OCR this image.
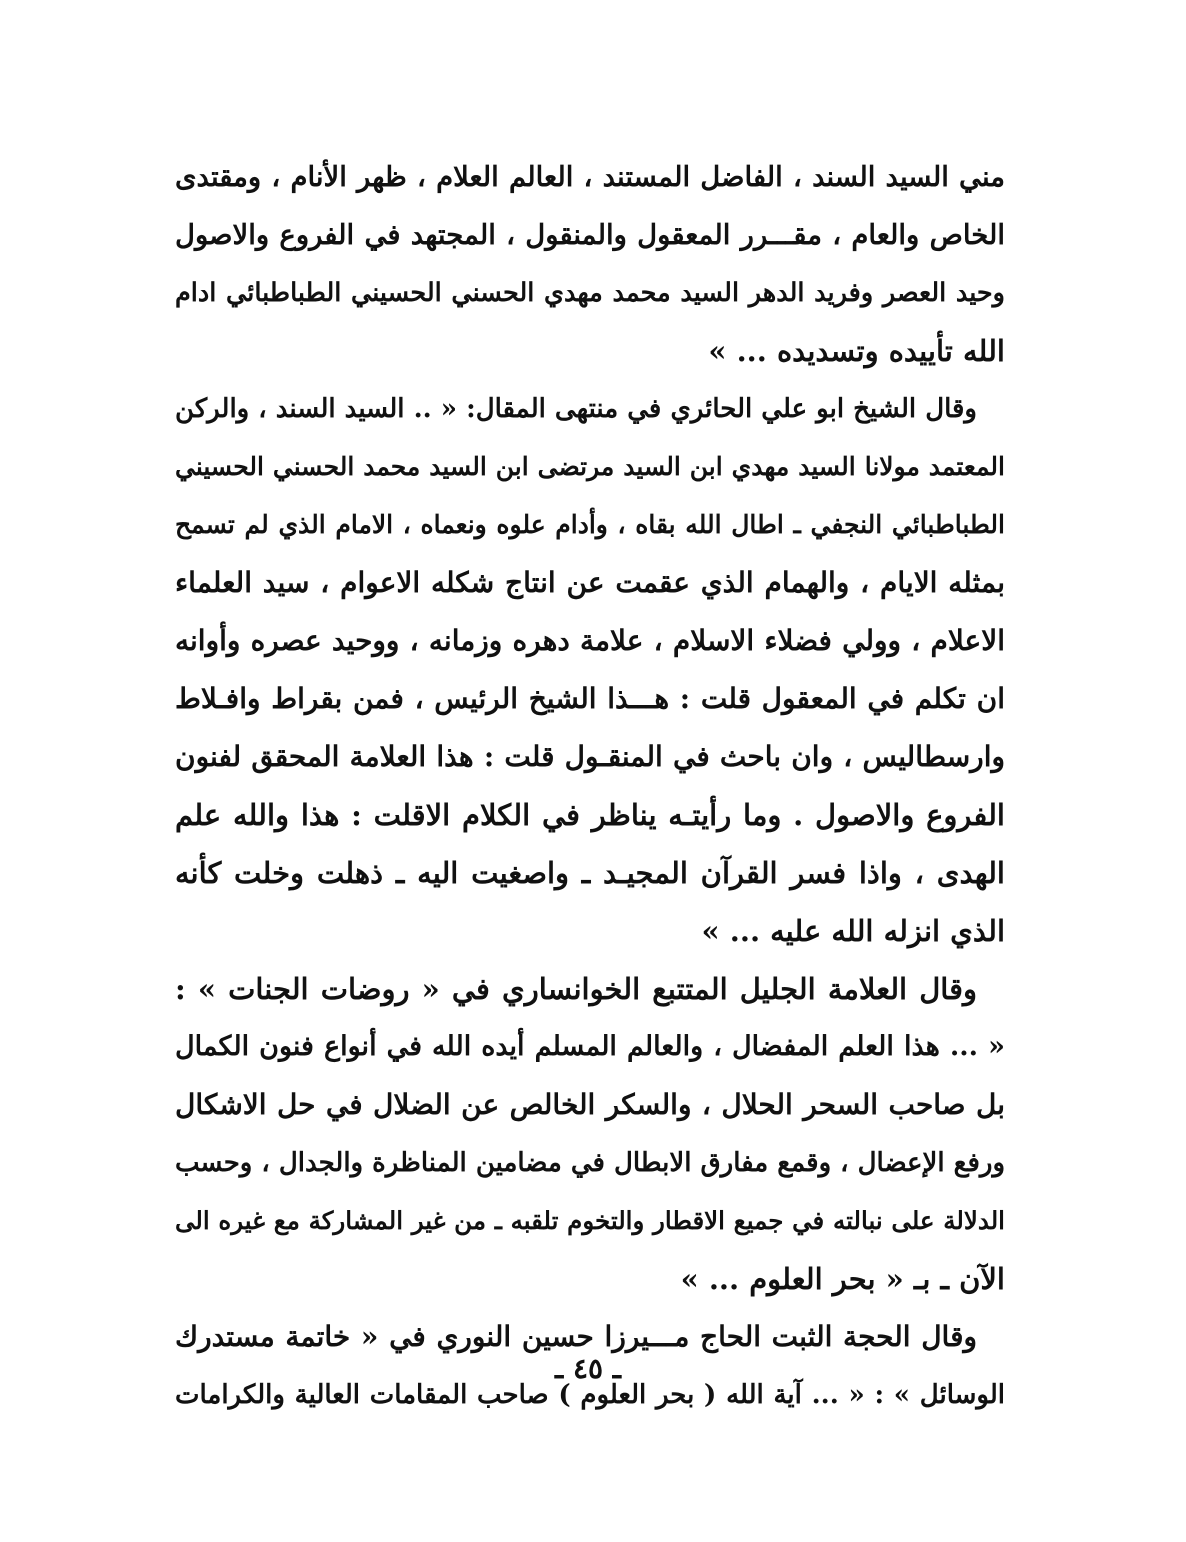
مني السيد السند ، الفاضل المستند ، العالم العلام ، ظهر الأنام ، ومقتدى
الخاص والعام ، مقـــرر المعقول والمنقول ، المجتهد في الفروع والاصول
وحيد العصر وفريد الدهر السيد محمد مهدي الحسني الحسيني الطباطبائي ادام
الله تأييده وتسديده ... »
وقال الشيخ ابو علي الحائري في منتهى المقال: « .. السيد السند ، والركن
المعتمد مولانا السيد مهدي ابن السيد مرتضى ابن السيد محمد الحسني الحسيني
الطباطبائي النجفي ـ اطال الله بقاه ، وأدام علوه ونعماه ، الامام الذي لم تسمح
بمثله الايام ، والهمام الذي عقمت عن انتاج شكله الاعوام ، سيد العلماء
الاعلام ، وولي فضلاء الاسلام ، علامة دهره وزمانه ، ووحيد عصره وأوانه
ان تكلم في المعقول قلت : هـــذا الشيخ الرئيس ، فمن بقراط وافـلاط
وارسطاليس ، وان باحث في المنقـول قلت : هذا العلامة المحقق لفنون
الفروع والاصول . وما رأيتـه يناظر في الكلام الاقلت : هذا والله علم
الهدى ، واذا فسر القرآن المجيـد ـ واصغيت اليه ـ ذهلت وخلت كأنه
الذي انزله الله عليه ... »
وقال العلامة الجليل المتتبع الخوانساري في « روضات الجنات » :
« ... هذا العلم المفضال ، والعالم المسلم أيده الله في أنواع فنون الكمال
بل صاحب السحر الحلال ، والسكر الخالص عن الضلال في حل الاشكال
ورفع الإعضال ، وقمع مفارق الابطال في مضامين المناظرة والجدال ، وحسب
الدلالة على نبالته في جميع الاقطار والتخوم تلقبه ـ من غير المشاركة مع غيره الى
الآن ـ بـ « بحر العلوم ... »
وقال الحجة الثبت الحاج مـــيرزا حسين النوري في « خاتمة مستدرك
الوسائل » : « ... آية الله ( بحر العلوم ) صاحب المقامات العالية والكرامات
ـ ٤٥ ـ
